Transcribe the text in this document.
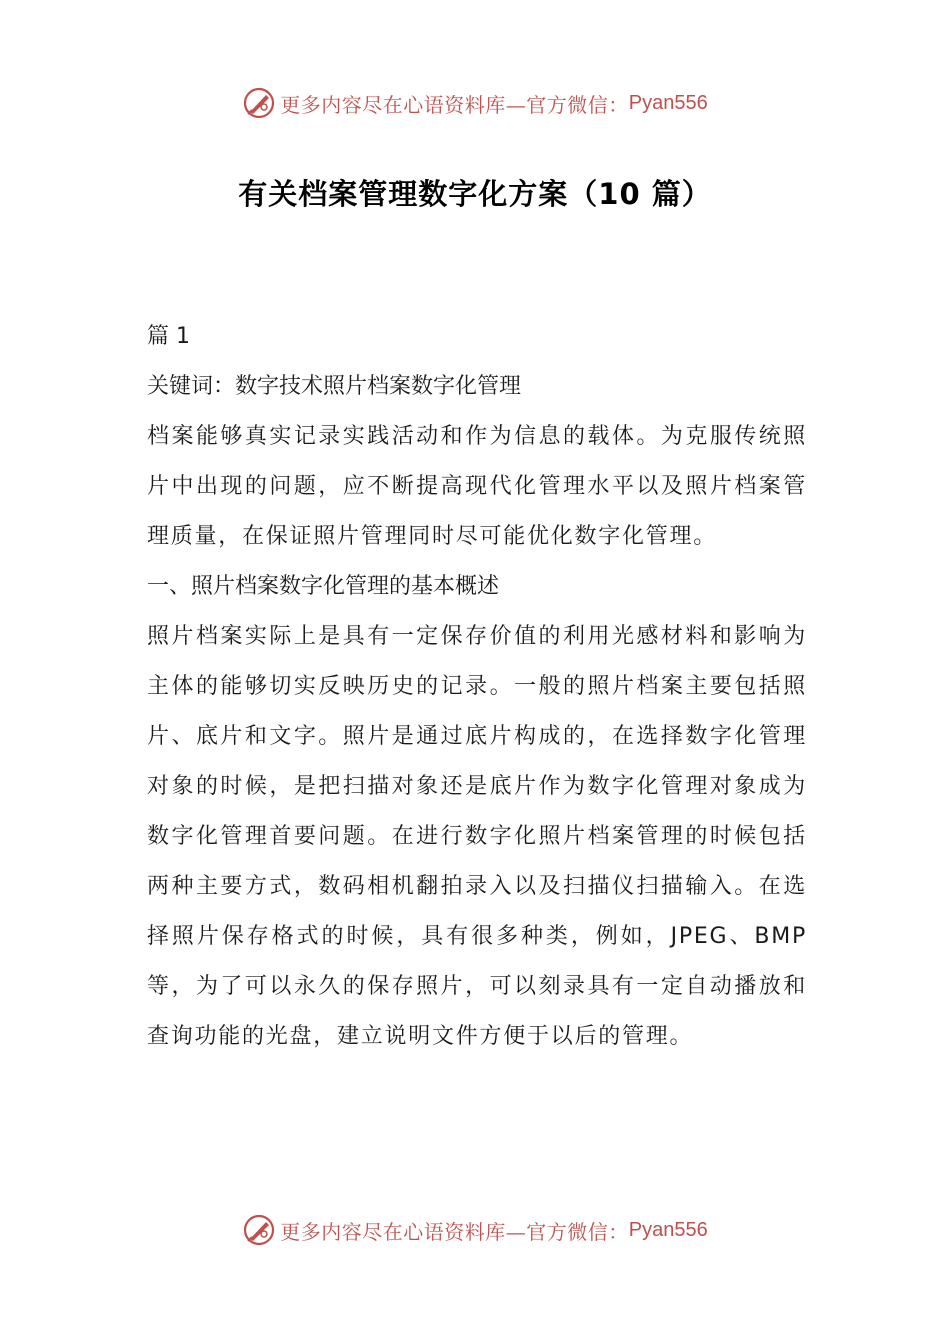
更多内容尽在心语资料库—官方微信： Pyan556
有关档案管理数字化方案（10 篇）
篇 1
关键词：数字技术照片档案数字化管理

档案能够真实记录实践活动和作为信息的载体。为克服传统照片中出现的问题，应不断提高现代化管理水平以及照片档案管理质量，在保证照片管理同时尽可能优化数字化管理。

一、照片档案数字化管理的基本概述

照片档案实际上是具有一定保存价值的利用光感材料和影响为主体的能够切实反映历史的记录。一般的照片档案主要包括照片、底片和文字。照片是通过底片构成的，在选择数字化管理对象的时候，是把扫描对象还是底片作为数字化管理对象成为数字化管理首要问题。在进行数字化照片档案管理的时候包括两种主要方式，数码相机翻拍录入以及扫描仪扫描输入。在选择照片保存格式的时候，具有很多种类，例如，JPEG、BMP 等，为了可以永久的保存照片，可以刻录具有一定自动播放和查询功能的光盘，建立说明文件方便于以后的管理。

更多内容尽在心语资料库—官方微信： Pyan556
